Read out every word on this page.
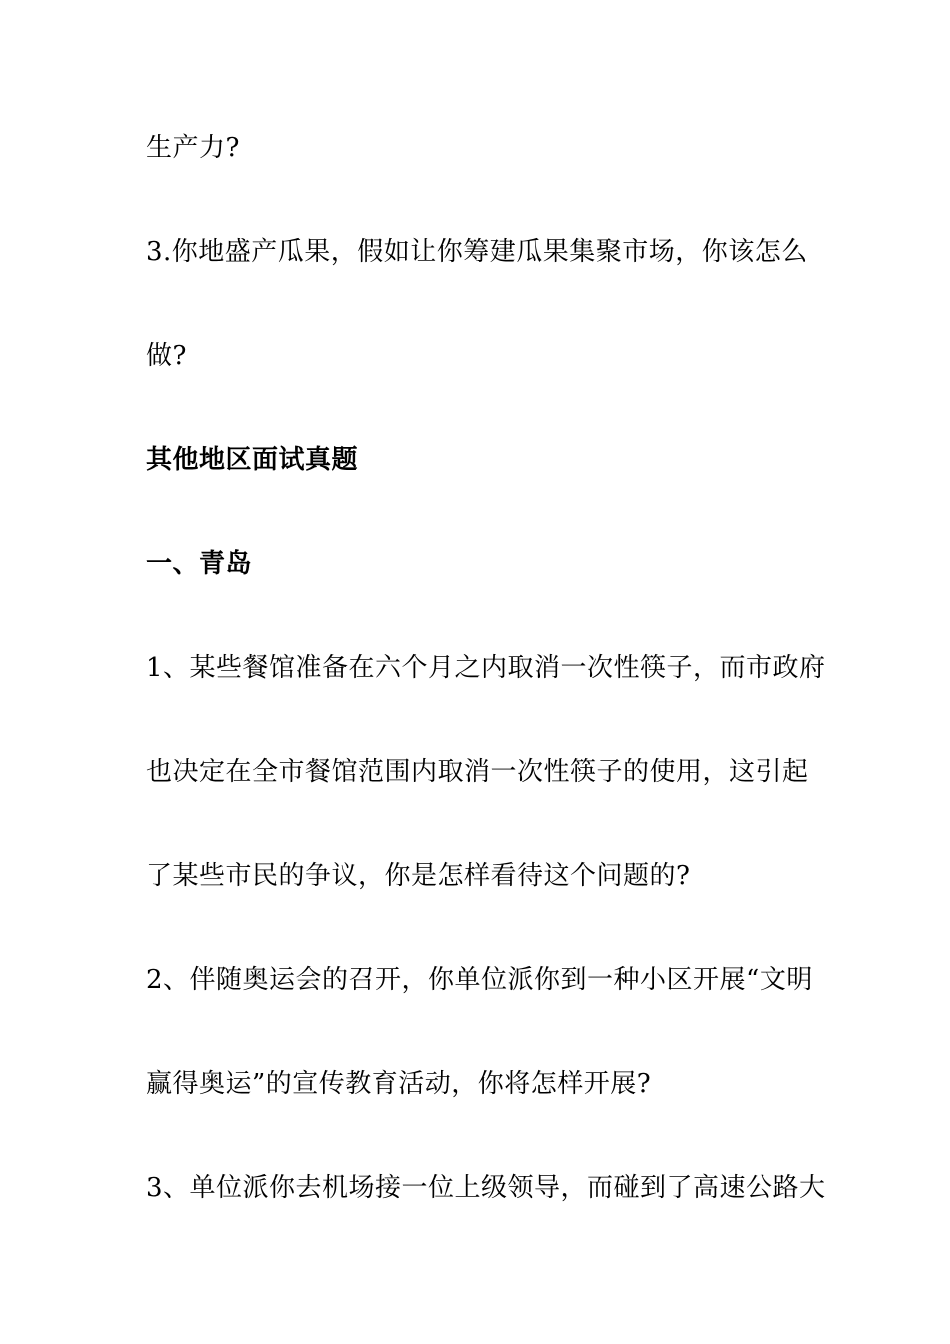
生产力?
3.你地盛产瓜果，假如让你筹建瓜果集聚市场，你该怎么
做?
其他地区面试真题
一、青岛
1、某些餐馆准备在六个月之内取消一次性筷子，而市政府
也决定在全市餐馆范围内取消一次性筷子的使用，这引起
了某些市民的争议，你是怎样看待这个问题的?
2、伴随奥运会的召开，你单位派你到一种小区开展“文明
赢得奥运”的宣传教育活动，你将怎样开展?
3、单位派你去机场接一位上级领导，而碰到了高速公路大
